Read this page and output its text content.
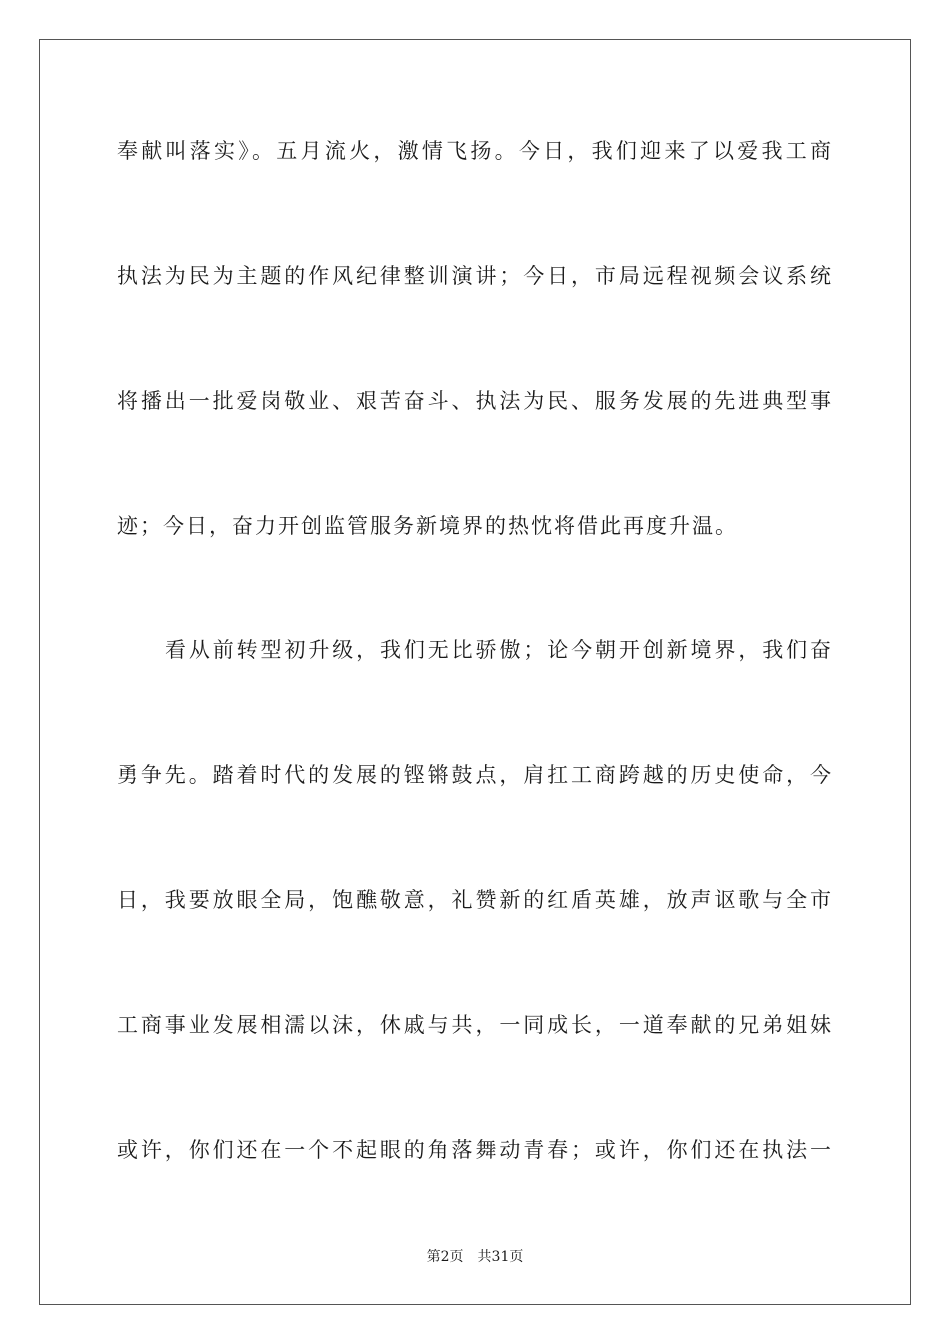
奉献叫落实》。五月流火，激情飞扬。今日，我们迎来了以爱我工商
执法为民为主题的作风纪律整训演讲；今日，市局远程视频会议系统
将播出一批爱岗敬业、艰苦奋斗、执法为民、服务发展的先进典型事
迹；今日，奋力开创监管服务新境界的热忱将借此再度升温。
看从前转型初升级，我们无比骄傲；论今朝开创新境界，我们奋
勇争先。踏着时代的发展的铿锵鼓点，肩扛工商跨越的历史使命，今
日，我要放眼全局，饱醮敬意，礼赞新的红盾英雄，放声讴歌与全市
工商事业发展相濡以沫，休戚与共，一同成长，一道奉献的兄弟姐妹
或许，你们还在一个不起眼的角落舞动青春；或许，你们还在执法一
第2页 共31页
